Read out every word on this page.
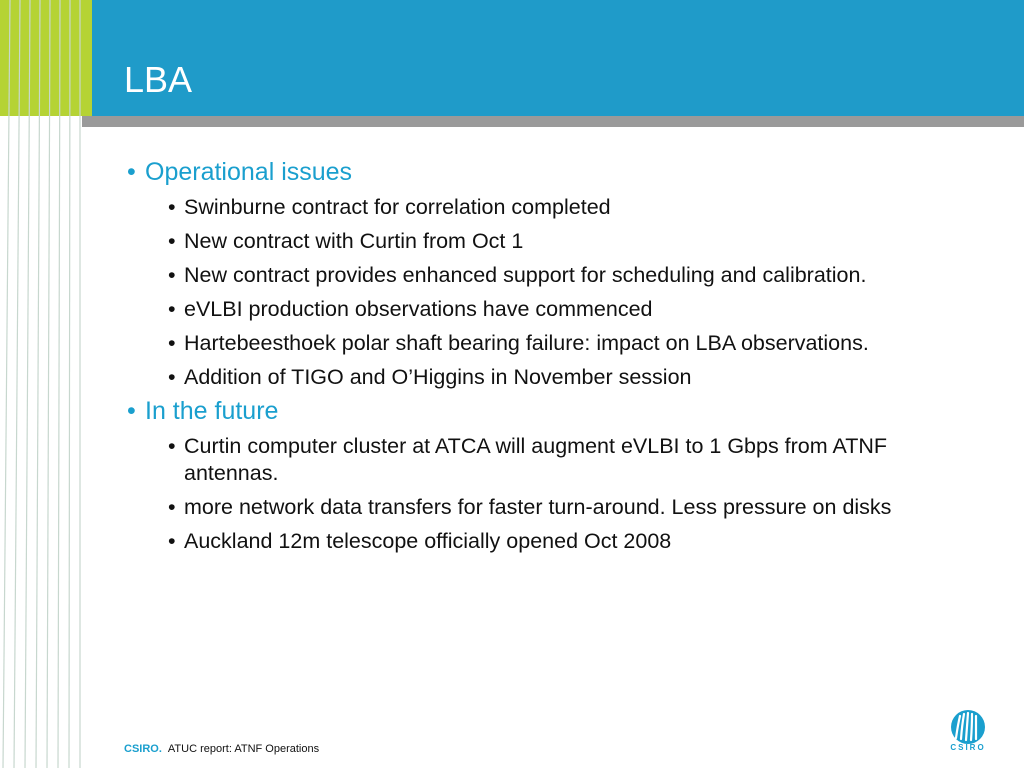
LBA
• Operational issues
• Swinburne contract for correlation completed
• New contract with Curtin from Oct 1
• New contract provides enhanced support for scheduling and calibration.
• eVLBI production observations have commenced
• Hartebeesthoek polar shaft bearing failure: impact on LBA observations.
• Addition of TIGO and O’Higgins in November session
• In the future
• Curtin computer cluster at ATCA will augment eVLBI to 1 Gbps from ATNF antennas.
• more network data transfers for faster turn-around. Less pressure on disks
• Auckland 12m telescope officially opened Oct 2008
CSIRO. ATUC report: ATNF Operations	CSIRO
